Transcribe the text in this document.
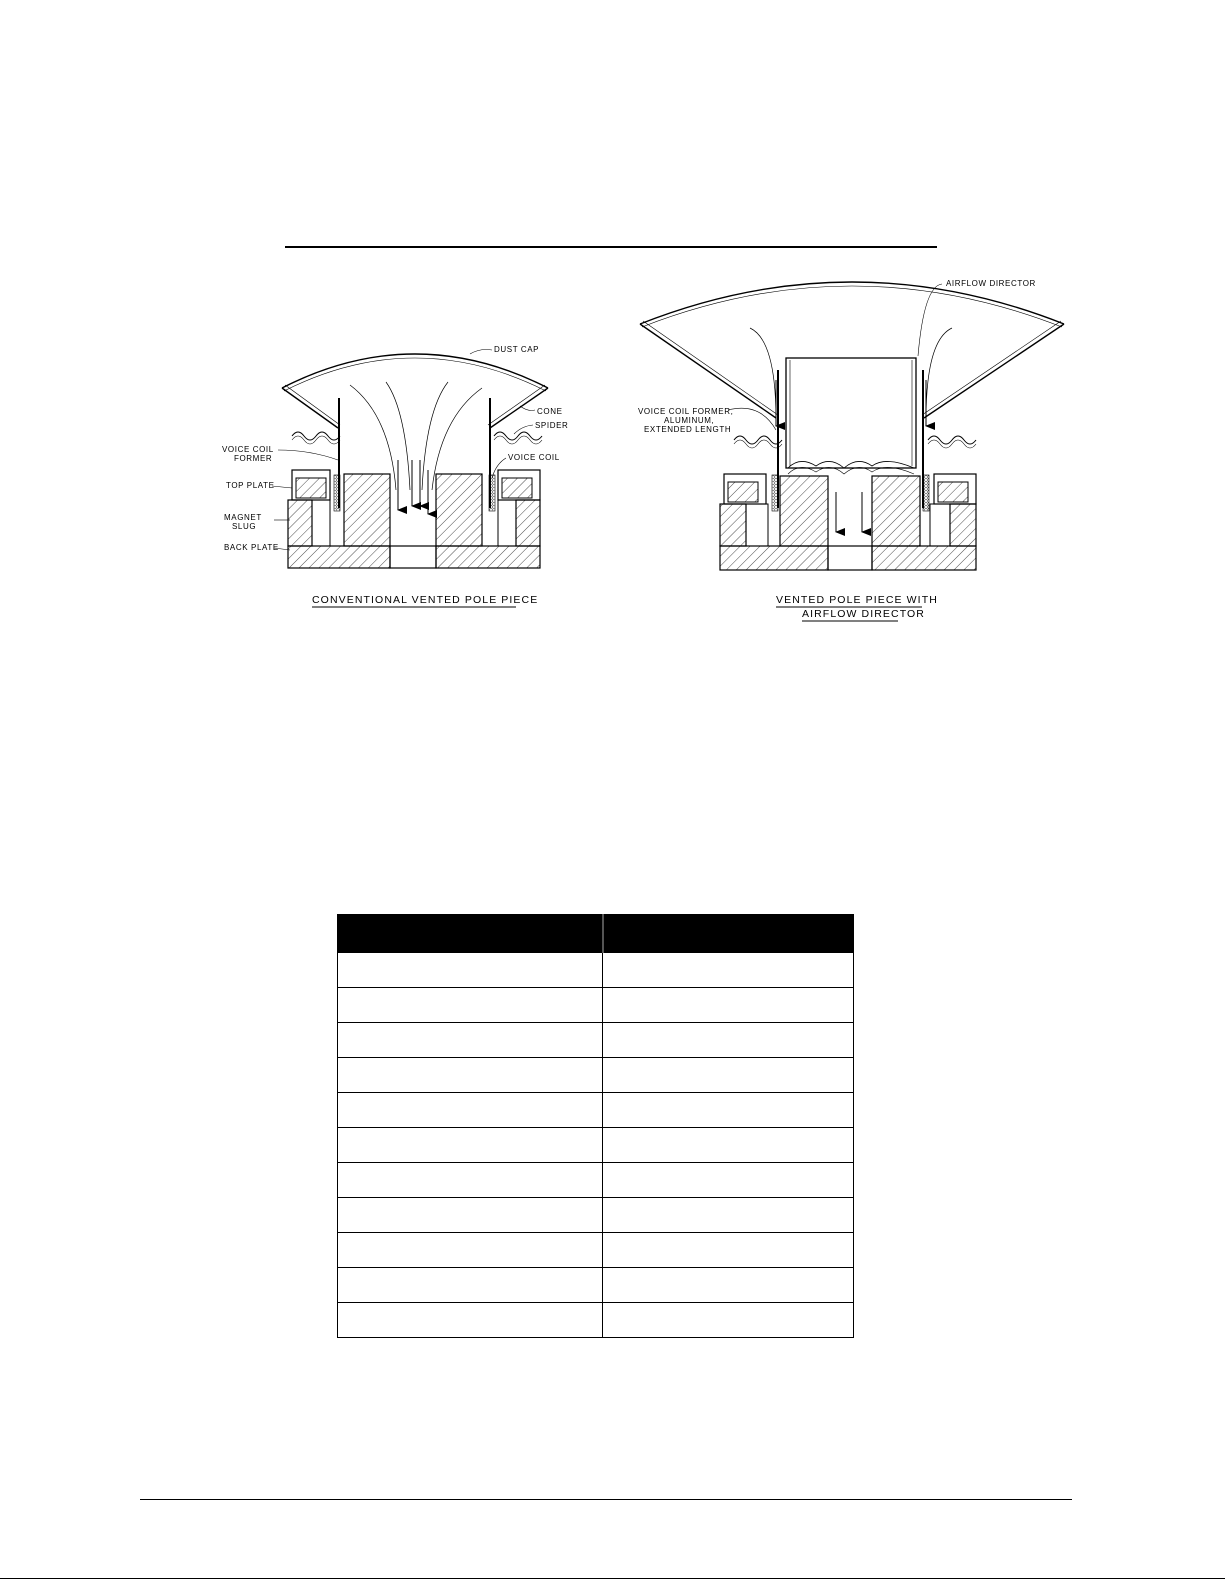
DUST CAP
CONE
SPIDER
VOICE COIL
VOICE COIL
FORMER
TOP PLATE
MAGNET
SLUG
BACK PLATE
CONVENTIONAL VENTED POLE PIECE
AIRFLOW DIRECTOR
VOICE COIL FORMER,
ALUMINUM,
EXTENDED LENGTH
VENTED POLE PIECE WITH
AIRFLOW DIRECTOR
